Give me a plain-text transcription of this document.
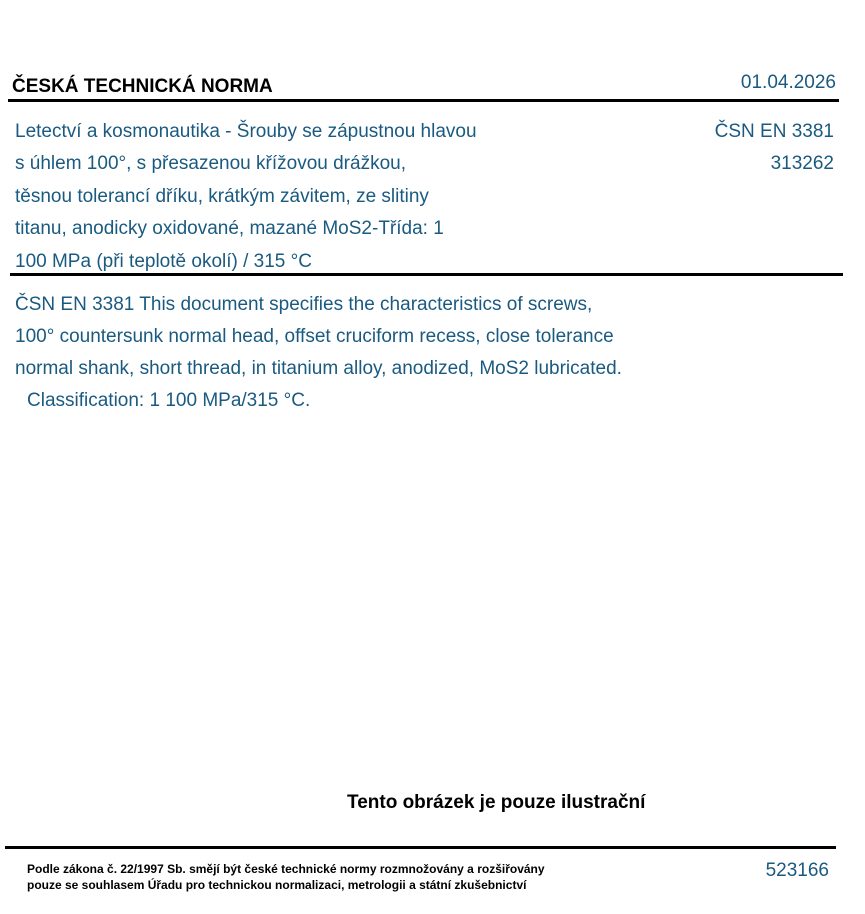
ČESKÁ TECHNICKÁ NORMA	01.04.2026
Letectví a kosmonautika - Šrouby se zápustnou hlavou
s úhlem 100°, s přesazenou křížovou drážkou,
těsnou tolerancí dříku, krátkým závitem, ze slitiny
titanu, anodicky oxidované, mazané MoS2-Třída: 1
100 MPa (při teplotě okolí) / 315 °C
ČSN EN 3381
313262
ČSN EN 3381 This document specifies the characteristics of screws,
100° countersunk normal head, offset cruciform recess, close tolerance
normal shank, short thread, in titanium alloy, anodized, MoS2 lubricated.
Classification: 1 100 MPa/315 °C.
Tento obrázek je pouze ilustrační
Podle zákona č. 22/1997 Sb. smějí být české technické normy rozmnožovány a rozšiřovány
pouze se souhlasem Úřadu pro technickou normalizaci, metrologii a státní zkušebnictví
523166
